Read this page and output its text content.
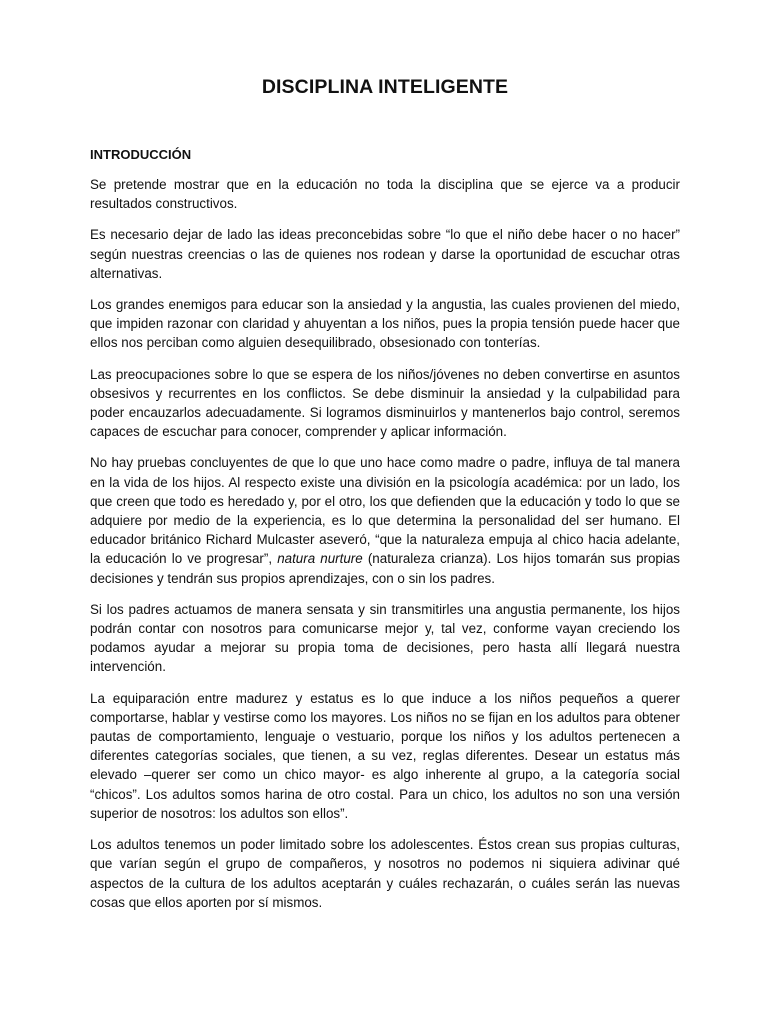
DISCIPLINA INTELIGENTE
INTRODUCCIÓN

Se pretende mostrar que en la educación no toda la disciplina que se ejerce va a producir resultados constructivos.

Es necesario dejar de lado las ideas preconcebidas sobre “lo que el niño debe hacer o no hacer” según nuestras creencias o las de quienes nos rodean y darse la oportunidad de escuchar otras alternativas.

Los grandes enemigos para educar son la ansiedad y la angustia, las cuales provienen del miedo, que impiden razonar con claridad y ahuyentan a los niños, pues la propia tensión puede hacer que ellos nos perciban como alguien desequilibrado, obsesionado con tonterías.

Las preocupaciones sobre lo que se espera de los niños/jóvenes no deben convertirse en asuntos obsesivos y recurrentes en los conflictos. Se debe disminuir la ansiedad y la culpabilidad para poder encauzarlos adecuadamente. Si logramos disminuirlos y mantenerlos bajo control, seremos capaces de escuchar para conocer, comprender y aplicar información.

No hay pruebas concluyentes de que lo que uno hace como madre o padre, influya de tal manera en la vida de los hijos. Al respecto existe una división en la psicología académica: por un lado, los que creen que todo es heredado y, por el otro, los que defienden que la educación y todo lo que se adquiere por medio de la experiencia, es lo que determina la personalidad del ser humano. El educador británico Richard Mulcaster aseveró, “que la naturaleza empuja al chico hacia adelante, la educación lo ve progresar”, natura nurture (naturaleza crianza). Los hijos tomarán sus propias decisiones y tendrán sus propios aprendizajes, con o sin los padres.

Si los padres actuamos de manera sensata y sin transmitirles una angustia permanente, los hijos podrán contar con nosotros para comunicarse mejor y, tal vez, conforme vayan creciendo los podamos ayudar a mejorar su propia toma de decisiones, pero hasta allí llegará nuestra intervención.

La equiparación entre madurez y estatus es lo que induce a los niños pequeños a querer comportarse, hablar y vestirse como los mayores. Los niños no se fijan en los adultos para obtener pautas de comportamiento, lenguaje o vestuario, porque los niños y los adultos pertenecen a diferentes categorías sociales, que tienen, a su vez, reglas diferentes. Desear un estatus más elevado –querer ser como un chico mayor- es algo inherente al grupo, a la categoría social “chicos”. Los adultos somos harina de otro costal. Para un chico, los adultos no son una versión superior de nosotros: los adultos son ellos”.

Los adultos tenemos un poder limitado sobre los adolescentes. Éstos crean sus propias culturas, que varían según el grupo de compañeros, y nosotros no podemos ni siquiera adivinar qué aspectos de la cultura de los adultos aceptarán y cuáles rechazarán, o cuáles serán las nuevas cosas que ellos aporten por sí mismos.
